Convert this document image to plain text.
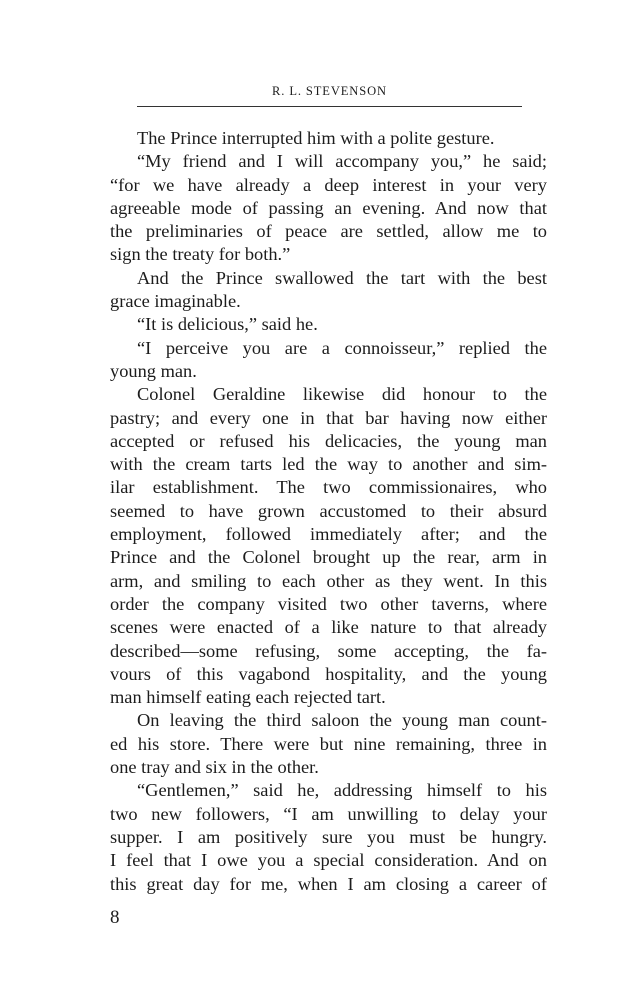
R. L. STEVENSON
The Prince interrupted him with a polite gesture.
“My friend and I will accompany you,” he said;
“for we have already a deep interest in your very
agreeable mode of passing an evening. And now that
the preliminaries of peace are settled, allow me to
sign the treaty for both.”
And the Prince swallowed the tart with the best
grace imaginable.
“It is delicious,” said he.
“I perceive you are a connoisseur,” replied the
young man.
Colonel Geraldine likewise did honour to the
pastry; and every one in that bar having now either
accepted or refused his delicacies, the young man
with the cream tarts led the way to another and sim-
ilar establishment. The two commissionaires, who
seemed to have grown accustomed to their absurd
employment, followed immediately after; and the
Prince and the Colonel brought up the rear, arm in
arm, and smiling to each other as they went. In this
order the company visited two other taverns, where
scenes were enacted of a like nature to that already
described—some refusing, some accepting, the fa-
vours of this vagabond hospitality, and the young
man himself eating each rejected tart.
On leaving the third saloon the young man count-
ed his store. There were but nine remaining, three in
one tray and six in the other.
“Gentlemen,” said he, addressing himself to his
two new followers, “I am unwilling to delay your
supper. I am positively sure you must be hungry.
I feel that I owe you a special consideration. And on
this great day for me, when I am closing a career of
8
